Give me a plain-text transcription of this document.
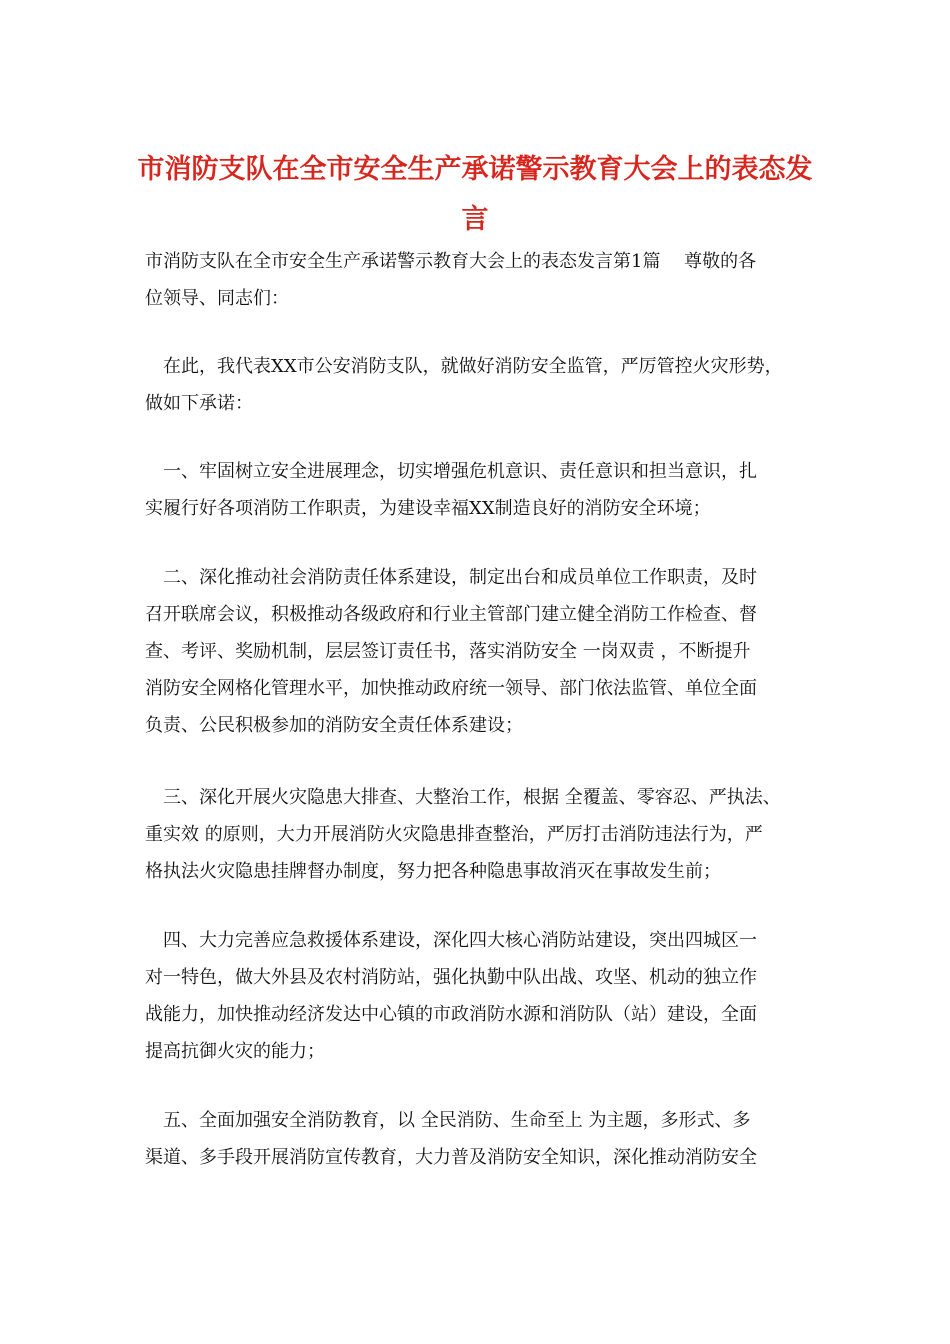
市消防支队在全市安全生产承诺警示教育大会上的表态发
言
市消防支队在全市安全生产承诺警示教育大会上的表态发言第1篇　 尊敬的各
位领导、同志们：
　在此，我代表XX市公安消防支队，就做好消防安全监管，严厉管控火灾形势，
做如下承诺：
　一、牢固树立安全进展理念，切实增强危机意识、责任意识和担当意识，扎
实履行好各项消防工作职责，为建设幸福XX制造良好的消防安全环境；
　二、深化推动社会消防责任体系建设，制定出台和成员单位工作职责，及时
召开联席会议，积极推动各级政府和行业主管部门建立健全消防工作检查、督
查、考评、奖励机制，层层签订责任书，落实消防安全 一岗双责 ，不断提升
消防安全网格化管理水平，加快推动政府统一领导、部门依法监管、单位全面
负责、公民积极参加的消防安全责任体系建设；
　三、深化开展火灾隐患大排查、大整治工作，根据 全覆盖、零容忍、严执法、
重实效 的原则，大力开展消防火灾隐患排查整治，严厉打击消防违法行为，严
格执法火灾隐患挂牌督办制度，努力把各种隐患事故消灭在事故发生前；
　四、大力完善应急救援体系建设，深化四大核心消防站建设，突出四城区一
对一特色，做大外县及农村消防站，强化执勤中队出战、攻坚、机动的独立作
战能力，加快推动经济发达中心镇的市政消防水源和消防队（站）建设，全面
提高抗御火灾的能力；
　五、全面加强安全消防教育，以 全民消防、生命至上 为主题，多形式、多
渠道、多手段开展消防宣传教育，大力普及消防安全知识，深化推动消防安全
